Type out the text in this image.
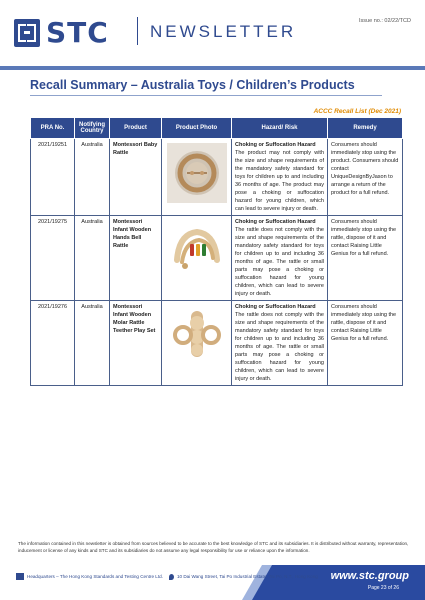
STC NEWSLETTER
Issue no.: 02/22/TCD
Recall Summary – Australia Toys / Children’s Products
ACCC Recall List (Dec 2021)
PRA No.	Notifying Country	Product	Product Photo	Hazard/ Risk	Remedy
2021/19251	Australia	Montessori Baby Rattle		Choking or Suffocation Hazard
The product may not comply with the size and shape requirements of the mandatory safety standard for toys for children up to and including 36 months of age. The product may pose a choking or suffocation hazard for young children, which can lead to severe injury or death.	Consumers should immediately stop using the product. Consumers should contact UniqueDesignByJason to arrange a return of the product for a full refund.
2021/19275	Australia	Montessori Infant Wooden Hands Bell Rattle		Choking or Suffocation Hazard
The rattle does not comply with the size and shape requirements of the mandatory safety standard for toys for children up to and including 36 months of age. The rattle or small parts may pose a choking or suffocation hazard for young children, which can lead to severe injury or death.	Consumers should immediately stop using the rattle, dispose of it and contact Raising Little Genius for a full refund.
2021/19276	Australia	Montessori Infant Wooden Molar Rattle Teether Play Set		Choking or Suffocation Hazard
The rattle does not comply with the size and shape requirements of the mandatory safety standard for toys for children up to and including 36 months of age. The rattle or small parts may pose a choking or suffocation hazard for young children, which can lead to severe injury or death.	Consumers should immediately stop using the rattle, dispose of it and contact Raising Little Genius for a full refund.
The information contained in this newsletter is obtained from sources believed to be accurate to the best knowledge of STC and its subsidiaries. It is distributed without warranty, representation, inducement or license of any kinds and STC and its subsidiaries do not assume any legal responsibility for use or reliance upon the information.
Headquarters – The Hong Kong Standards and Testing Centre Ltd.	10 Dai Wang Street, Tai Po Industrial Estate, Tai Po, N.T., Hong Kong www.stc.group
Page 23 of 26
